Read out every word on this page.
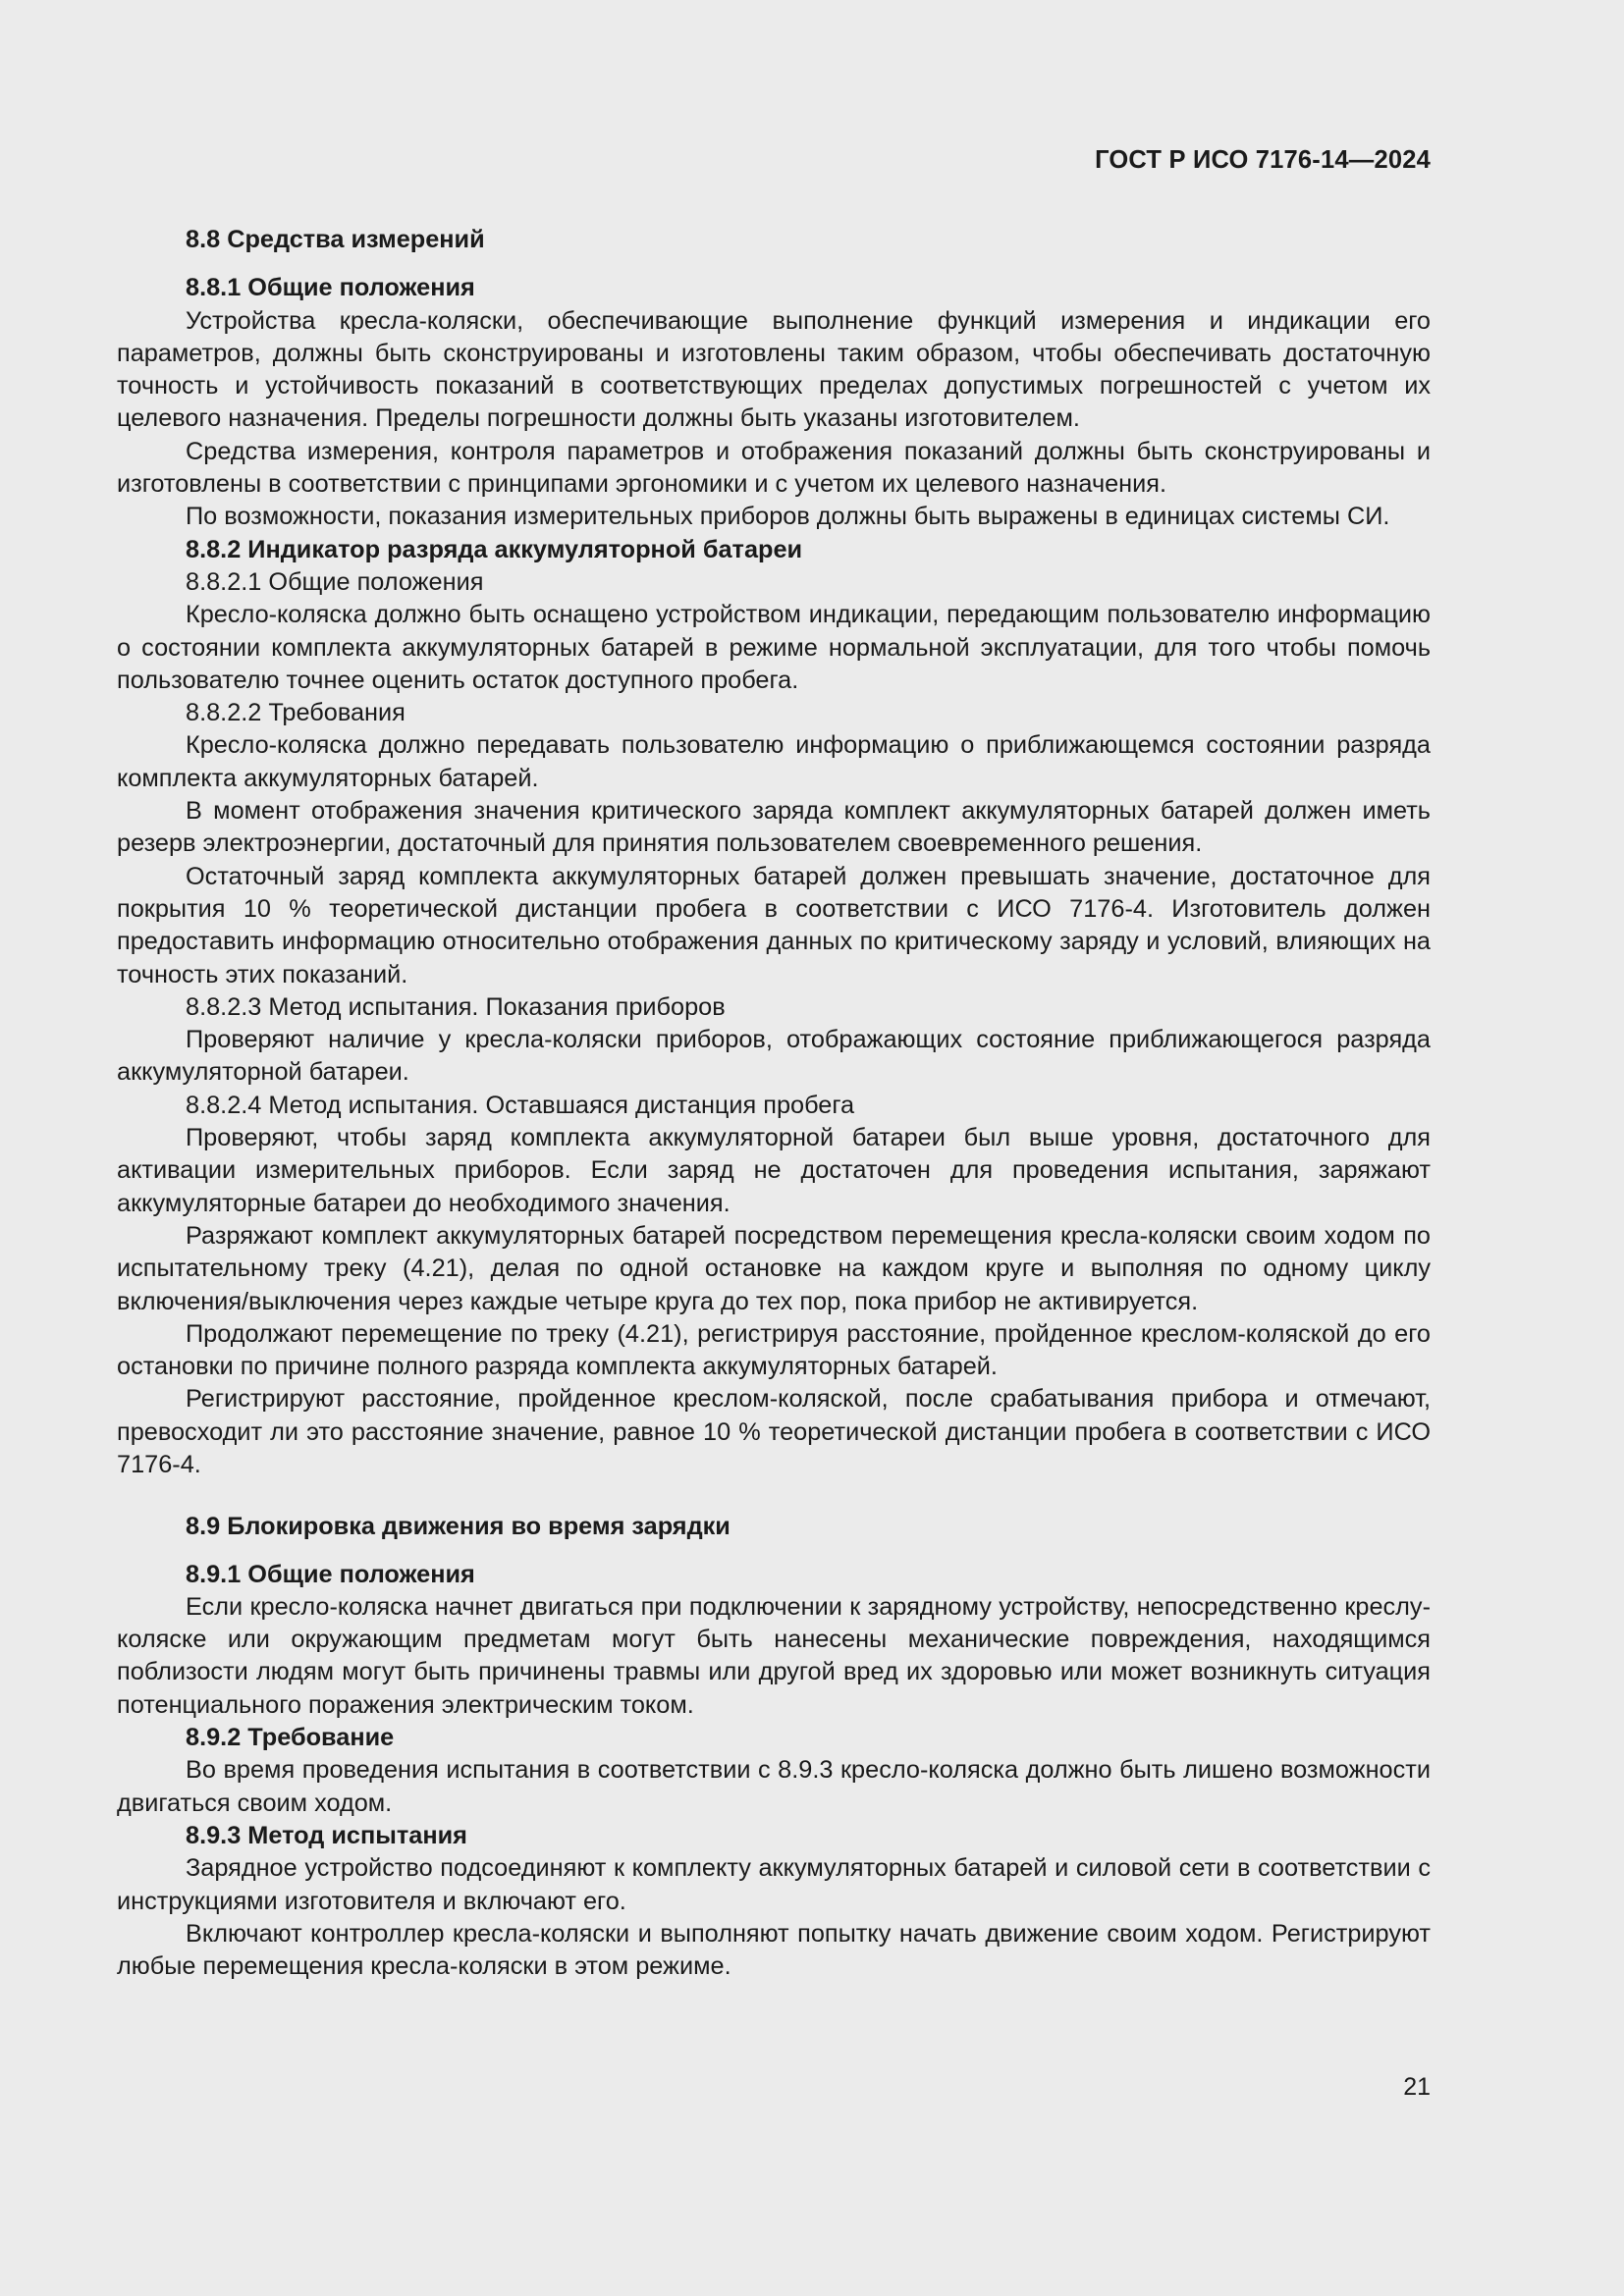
ГОСТ Р ИСО 7176-14—2024

8.8 Средства измерений

8.8.1 Общие положения

Устройства кресла-коляски, обеспечивающие выполнение функций измерения и индикации его параметров, должны быть сконструированы и изготовлены таким образом, чтобы обеспечивать достаточную точность и устойчивость показаний в соответствующих пределах допустимых погрешностей с учетом их целевого назначения. Пределы погрешности должны быть указаны изготовителем.

Средства измерения, контроля параметров и отображения показаний должны быть сконструированы и изготовлены в соответствии с принципами эргономики и с учетом их целевого назначения.

По возможности, показания измерительных приборов должны быть выражены в единицах системы СИ.

8.8.2 Индикатор разряда аккумуляторной батареи

8.8.2.1 Общие положения

Кресло-коляска должно быть оснащено устройством индикации, передающим пользователю информацию о состоянии комплекта аккумуляторных батарей в режиме нормальной эксплуатации, для того чтобы помочь пользователю точнее оценить остаток доступного пробега.

8.8.2.2 Требования

Кресло-коляска должно передавать пользователю информацию о приближающемся состоянии разряда комплекта аккумуляторных батарей.

В момент отображения значения критического заряда комплект аккумуляторных батарей должен иметь резерв электроэнергии, достаточный для принятия пользователем своевременного решения.

Остаточный заряд комплекта аккумуляторных батарей должен превышать значение, достаточное для покрытия 10 % теоретической дистанции пробега в соответствии с ИСО 7176-4. Изготовитель должен предоставить информацию относительно отображения данных по критическому заряду и условий, влияющих на точность этих показаний.

8.8.2.3 Метод испытания. Показания приборов

Проверяют наличие у кресла-коляски приборов, отображающих состояние приближающегося разряда аккумуляторной батареи.

8.8.2.4 Метод испытания. Оставшаяся дистанция пробега

Проверяют, чтобы заряд комплекта аккумуляторной батареи был выше уровня, достаточного для активации измерительных приборов. Если заряд не достаточен для проведения испытания, заряжают аккумуляторные батареи до необходимого значения.

Разряжают комплект аккумуляторных батарей посредством перемещения кресла-коляски своим ходом по испытательному треку (4.21), делая по одной остановке на каждом круге и выполняя по одному циклу включения/выключения через каждые четыре круга до тех пор, пока прибор не активируется.

Продолжают перемещение по треку (4.21), регистрируя расстояние, пройденное креслом-коляской до его остановки по причине полного разряда комплекта аккумуляторных батарей.

Регистрируют расстояние, пройденное креслом-коляской, после срабатывания прибора и отмечают, превосходит ли это расстояние значение, равное 10 % теоретической дистанции пробега в соответствии с ИСО 7176-4.

8.9 Блокировка движения во время зарядки

8.9.1 Общие положения

Если кресло-коляска начнет двигаться при подключении к зарядному устройству, непосредственно креслу-коляске или окружающим предметам могут быть нанесены механические повреждения, находящимся поблизости людям могут быть причинены травмы или другой вред их здоровью или может возникнуть ситуация потенциального поражения электрическим током.

8.9.2 Требование

Во время проведения испытания в соответствии с 8.9.3 кресло-коляска должно быть лишено возможности двигаться своим ходом.

8.9.3 Метод испытания

Зарядное устройство подсоединяют к комплекту аккумуляторных батарей и силовой сети в соответствии с инструкциями изготовителя и включают его.

Включают контроллер кресла-коляски и выполняют попытку начать движение своим ходом. Регистрируют любые перемещения кресла-коляски в этом режиме.

21
